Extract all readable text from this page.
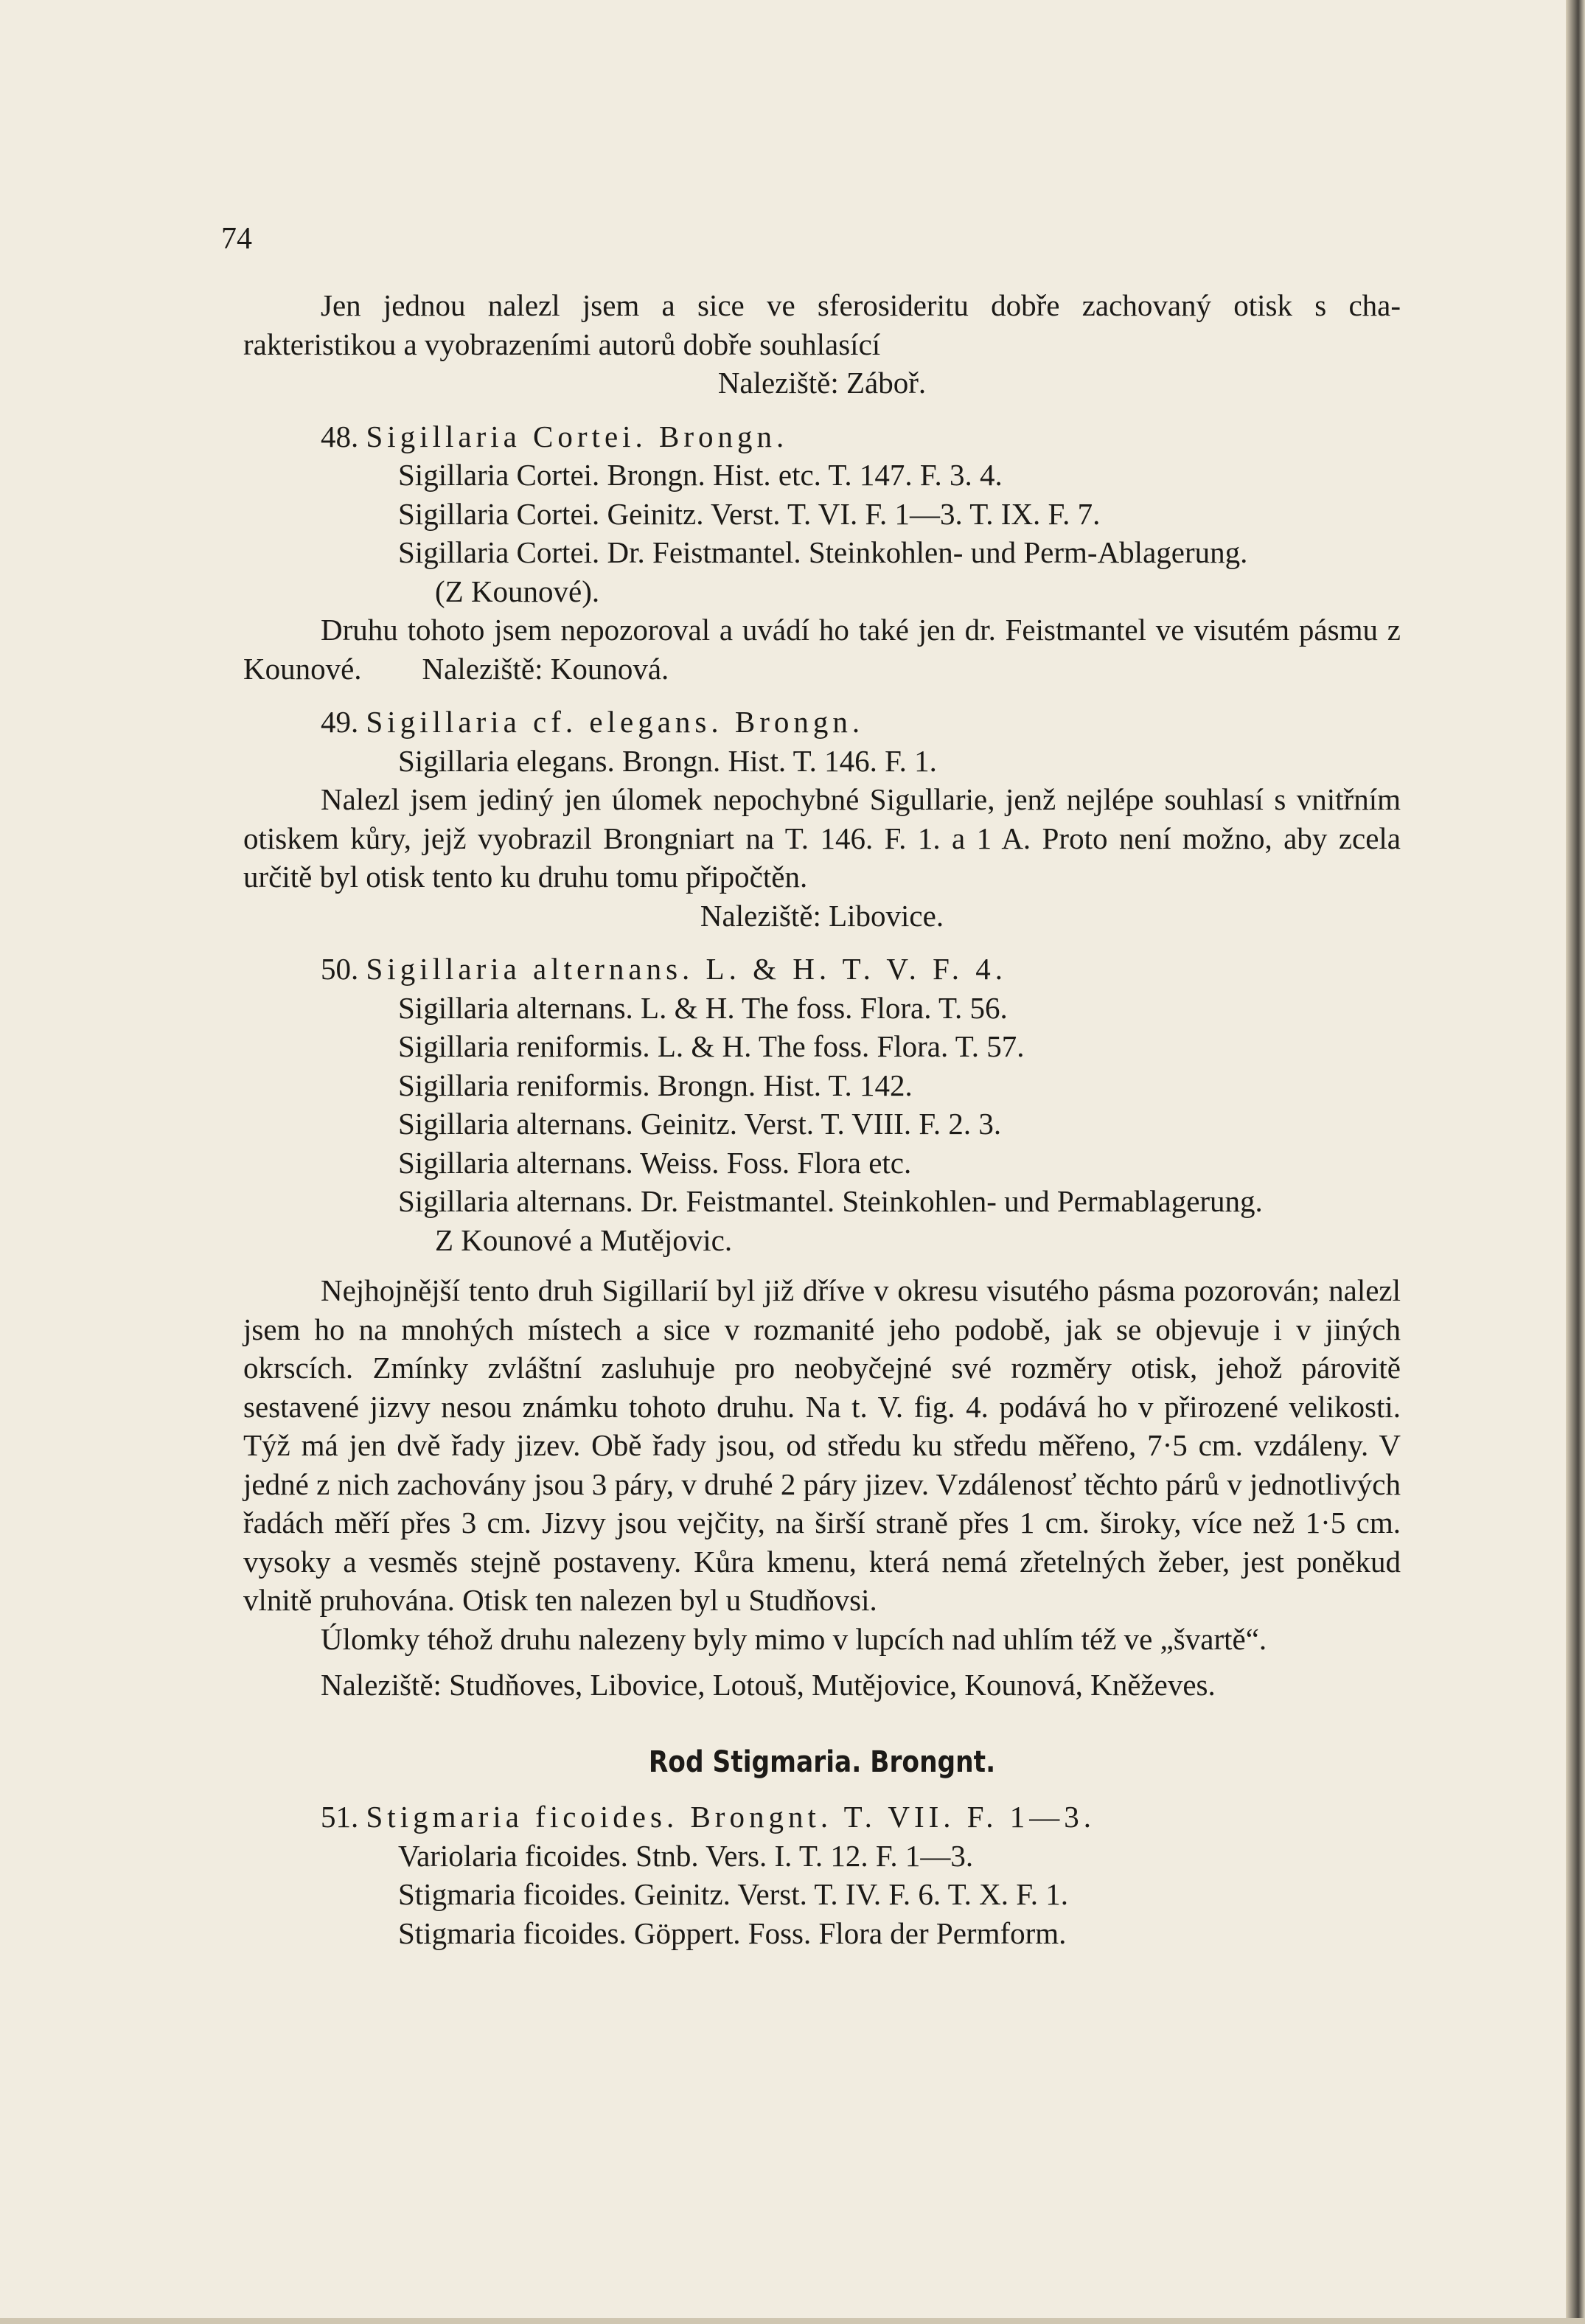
74
Jen jednou nalezl jsem a sice ve sferosideritu dobře zachovaný otisk s cha-
rakteristikou a vyobrazeními autorů dobře souhlasící
Naleziště: Záboř.
48. Sigillaria Cortei. Brongn.
Sigillaria Cortei. Brongn. Hist. etc. T. 147. F. 3. 4.
Sigillaria Cortei. Geinitz. Verst. T. VI. F. 1—3. T. IX. F. 7.
Sigillaria Cortei. Dr. Feistmantel. Steinkohlen- und Perm-Ablagerung.
(Z Kounové).
Druhu tohoto jsem nepozoroval a uvádí ho také jen dr. Feistmantel ve visutém pásmu z Kounové.        Naleziště: Kounová.
49. Sigillaria cf. elegans. Brongn.
Sigillaria elegans. Brongn. Hist. T. 146. F. 1.
Nalezl jsem jediný jen úlomek nepochybné Sigullarie, jenž nejlépe souhlasí s vnitřním otiskem kůry, jejž vyobrazil Brongniart na T. 146. F. 1. a 1 A. Proto není možno, aby zcela určitě byl otisk tento ku druhu tomu připočtěn.
Naleziště: Libovice.
50. Sigillaria alternans. L. & H. T. V. F. 4.
Sigillaria alternans. L. & H. The foss. Flora. T. 56.
Sigillaria reniformis. L. & H. The foss. Flora. T. 57.
Sigillaria reniformis. Brongn. Hist. T. 142.
Sigillaria alternans. Geinitz. Verst. T. VIII. F. 2. 3.
Sigillaria alternans. Weiss. Foss. Flora etc.
Sigillaria alternans. Dr. Feistmantel. Steinkohlen- und Permablagerung.
Z Kounové a Mutějovic.
Nejhojnější tento druh Sigillarií byl již dříve v okresu visutého pásma pozorován; nalezl jsem ho na mnohých místech a sice v rozmanité jeho podobě, jak se objevuje i v jiných okrscích. Zmínky zvláštní zasluhuje pro neobyčejné své rozměry otisk, jehož párovitě sestavené jizvy nesou známku tohoto druhu. Na t. V. fig. 4. podává ho v přirozené velikosti. Týž má jen dvě řady jizev. Obě řady jsou, od středu ku středu měřeno, 7·5 cm. vzdáleny. V jedné z nich zachovány jsou 3 páry, v druhé 2 páry jizev. Vzdálenosť těchto párů v jednotlivých řadách měří přes 3 cm. Jizvy jsou vejčity, na širší straně přes 1 cm. široky, více než 1·5 cm. vysoky a vesměs stejně postaveny. Kůra kmenu, která nemá zřetelných žeber, jest poněkud vlnitě pruhována. Otisk ten nalezen byl u Studňovsi.
Úlomky téhož druhu nalezeny byly mimo v lupcích nad uhlím též ve „švartě“.
Naleziště: Studňoves, Libovice, Lotouš, Mutějovice, Kounová, Kněževes.
Rod Stigmaria. Brongnt.
51. Stigmaria ficoides. Brongnt. T. VII. F. 1—3.
Variolaria ficoides. Stnb. Vers. I. T. 12. F. 1—3.
Stigmaria ficoides. Geinitz. Verst. T. IV. F. 6. T. X. F. 1.
Stigmaria ficoides. Göppert. Foss. Flora der Permform.
